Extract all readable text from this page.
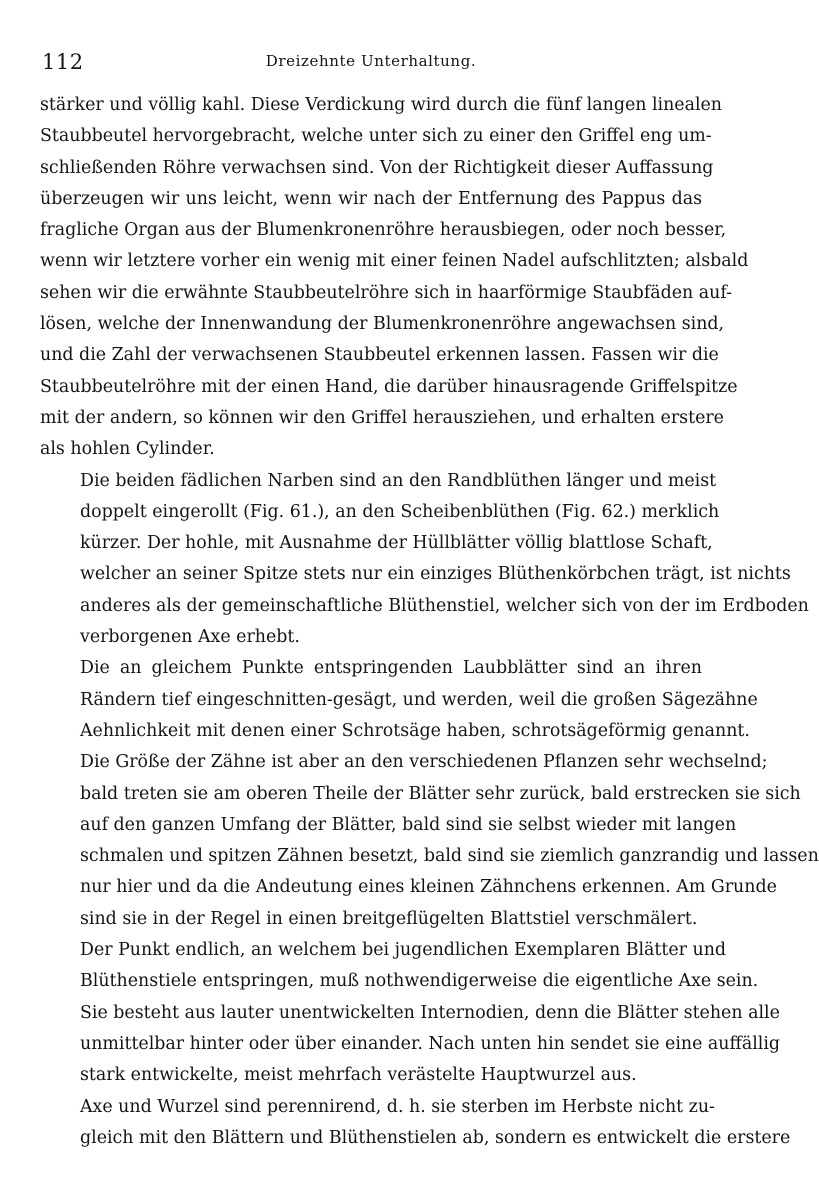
112	Dreizehnte Unterhaltung.

stärker und völlig kahl. Diese Verdickung wird durch die fünf langen linealen
Staubbeutel hervorgebracht, welche unter sich zu einer den Griffel eng um-
schließenden Röhre verwachsen sind. Von der Richtigkeit dieser Auffassung
überzeugen wir uns leicht, wenn wir nach der Entfernung des Pappus das
fragliche Organ aus der Blumenkronenröhre herausbiegen, oder noch besser,
wenn wir letztere vorher ein wenig mit einer feinen Nadel aufschlitzten; alsbald
sehen wir die erwähnte Staubbeutelröhre sich in haarförmige Staubfäden auf-
lösen, welche der Innenwandung der Blumenkronenröhre angewachsen sind,
und die Zahl der verwachsenen Staubbeutel erkennen lassen. Fassen wir die
Staubbeutelröhre mit der einen Hand, die darüber hinausragende Griffelspitze
mit der andern, so können wir den Griffel herausziehen, und erhalten erstere
als hohlen Cylinder.

Die beiden fädlichen Narben sind an den Randblüthen länger und meist
doppelt eingerollt (Fig. 61.), an den Scheibenblüthen (Fig. 62.) merklich
kürzer. Der hohle, mit Ausnahme der Hüllblätter völlig blattlose Schaft,
welcher an seiner Spitze stets nur ein einziges Blüthenkörbchen trägt, ist nichts
anderes als der gemeinschaftliche Blüthenstiel, welcher sich von der im Erdboden
verborgenen Axe erhebt.

Die an gleichem Punkte entspringenden Laubblätter sind an ihren
Rändern tief eingeschnitten-gesägt, und werden, weil die großen Sägezähne
Aehnlichkeit mit denen einer Schrotsäge haben, schrotsägeförmig genannt.
Die Größe der Zähne ist aber an den verschiedenen Pflanzen sehr wechselnd;
bald treten sie am oberen Theile der Blätter sehr zurück, bald erstrecken sie sich
auf den ganzen Umfang der Blätter, bald sind sie selbst wieder mit langen
schmalen und spitzen Zähnen besetzt, bald sind sie ziemlich ganzrandig und lassen
nur hier und da die Andeutung eines kleinen Zähnchens erkennen. Am Grunde
sind sie in der Regel in einen breitgeflügelten Blattstiel verschmälert.

Der Punkt endlich, an welchem bei jugendlichen Exemplaren Blätter und
Blüthenstiele entspringen, muß nothwendigerweise die eigentliche Axe sein.
Sie besteht aus lauter unentwickelten Internodien, denn die Blätter stehen alle
unmittelbar hinter oder über einander. Nach unten hin sendet sie eine auffällig
stark entwickelte, meist mehrfach verästelte Hauptwurzel aus.

Axe und Wurzel sind perennirend, d. h. sie sterben im Herbste nicht zu-
gleich mit den Blättern und Blüthenstielen ab, sondern es entwickelt die erstere
